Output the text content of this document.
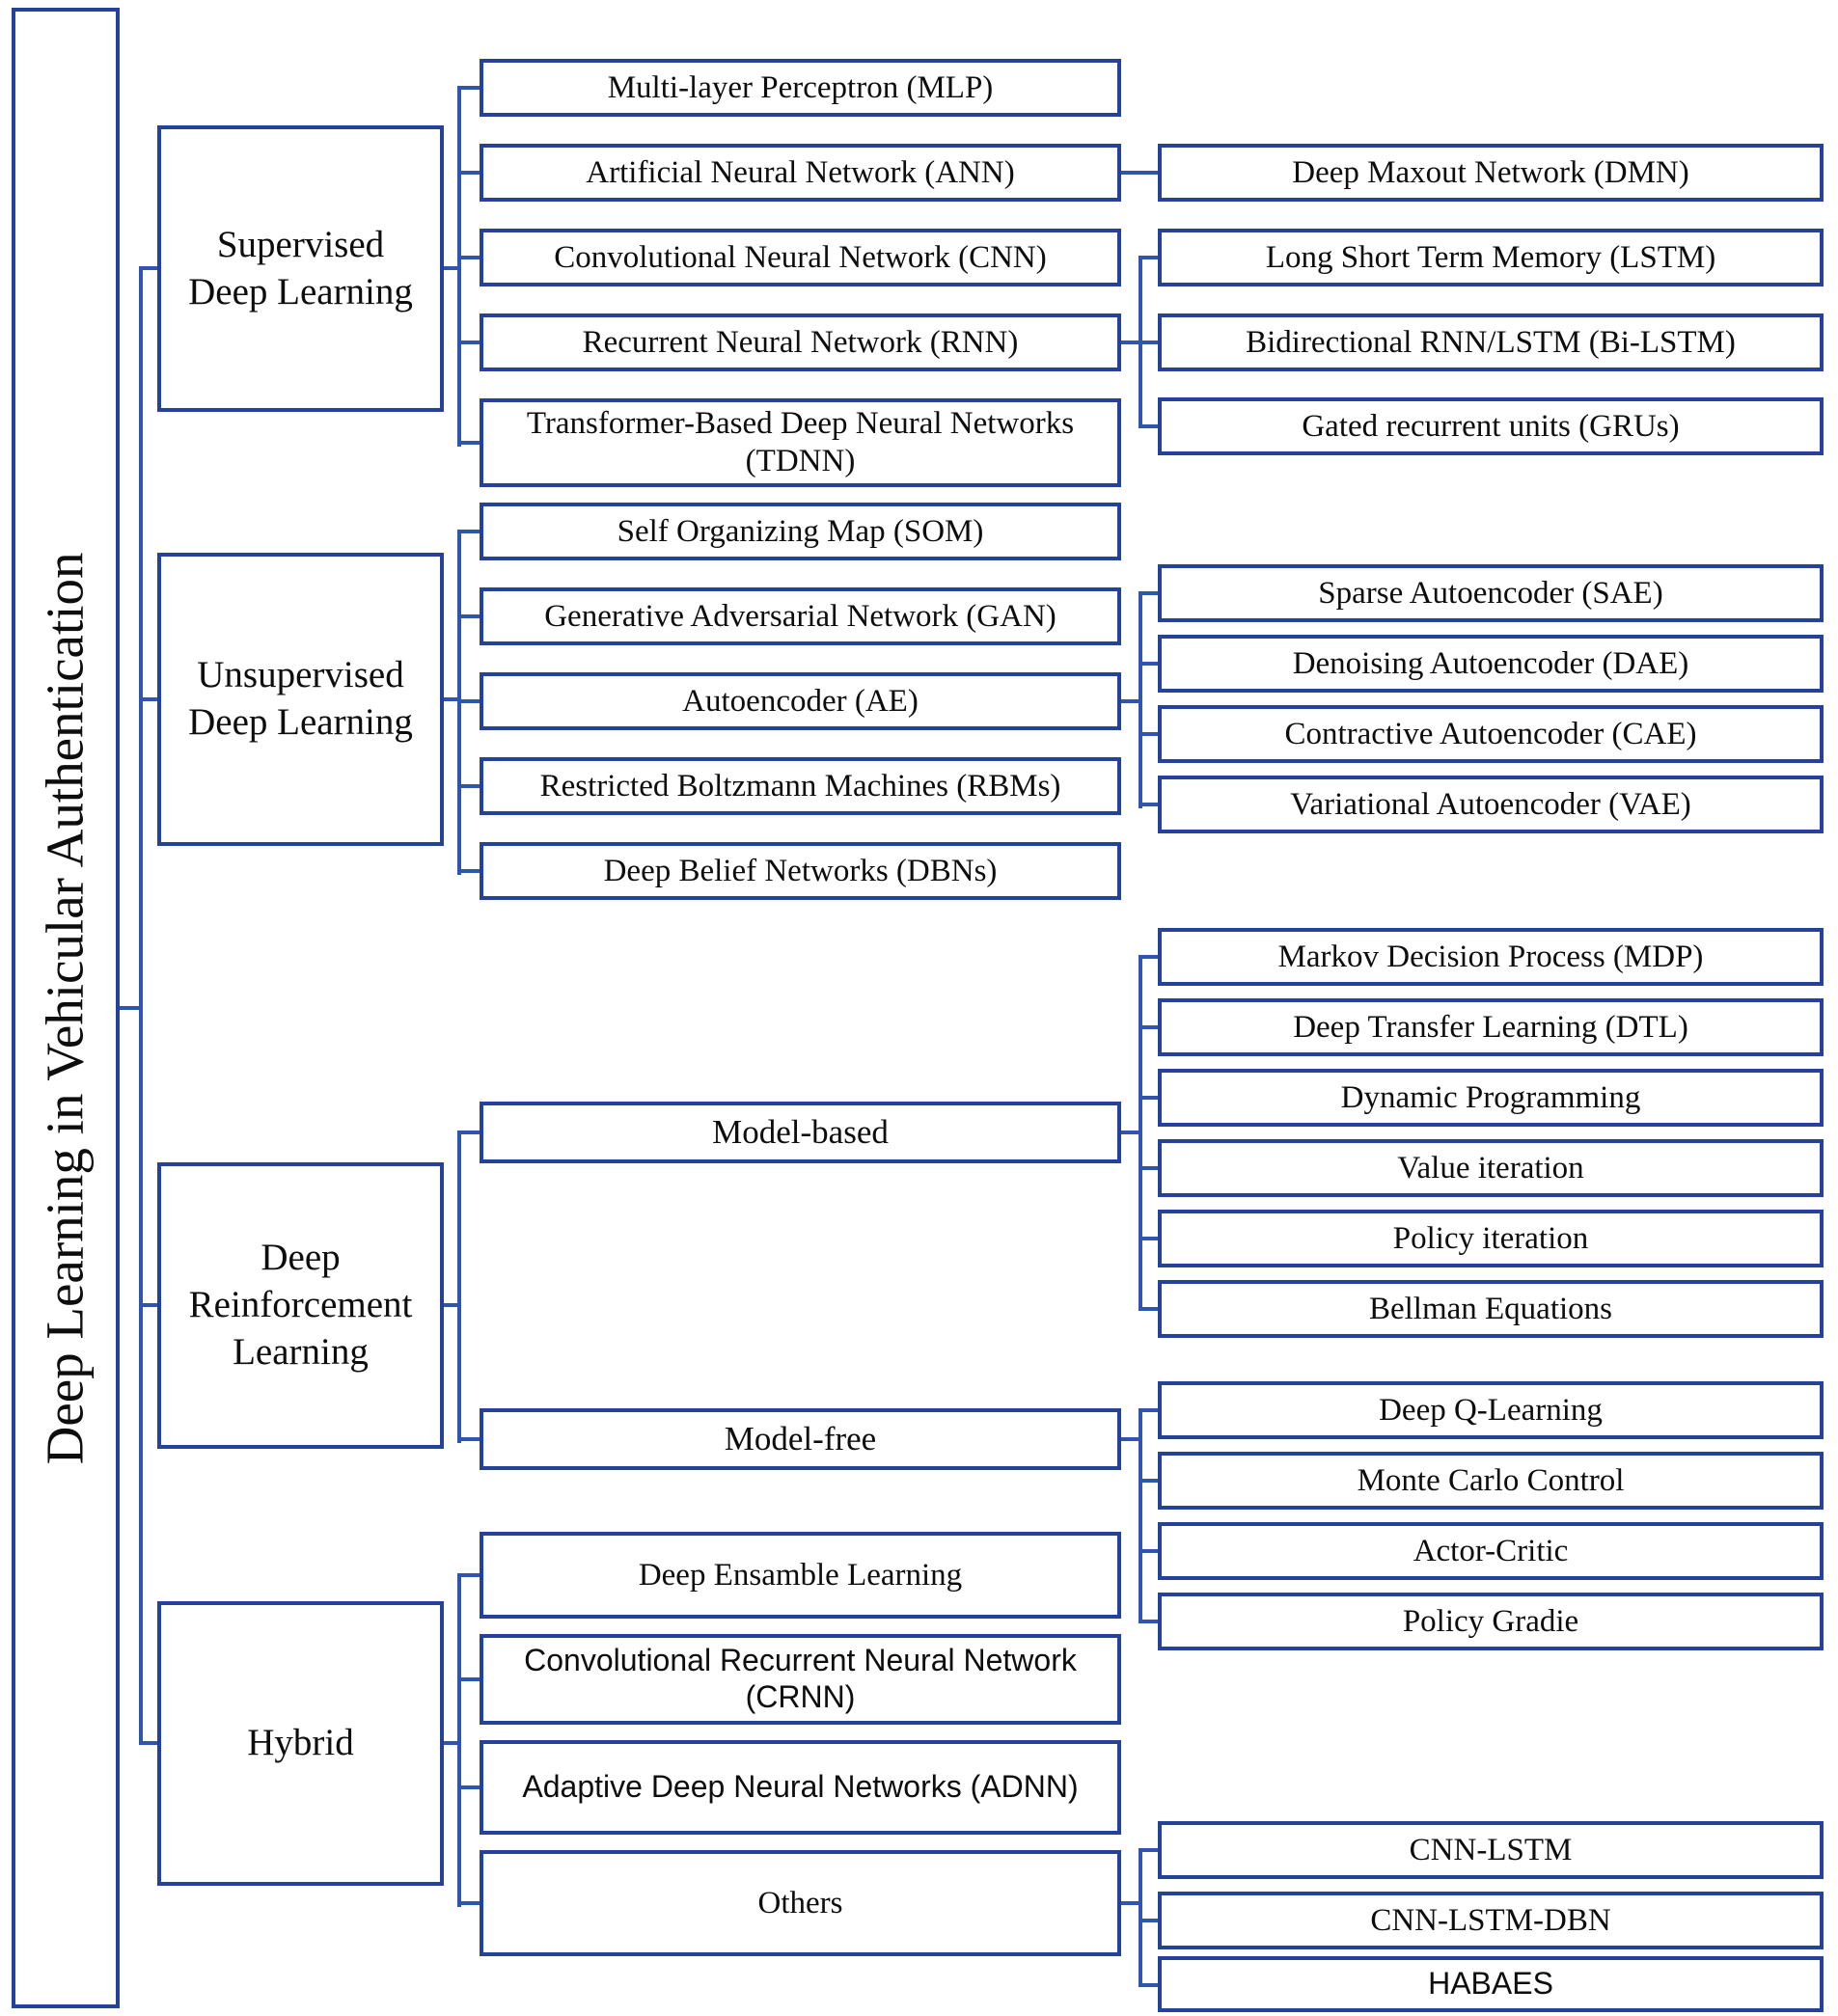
Deep Learning in Vehicular Authentication
Supervised Deep Learning
Unsupervised Deep Learning
Deep Reinforcement Learning
Hybrid
Multi-layer Perceptron (MLP)
Artificial Neural Network (ANN)
Convolutional Neural Network (CNN)
Recurrent Neural Network (RNN)
Transformer-Based Deep Neural Networks (TDNN)
Deep Maxout Network (DMN)
Long Short Term Memory (LSTM)
Bidirectional RNN/LSTM (Bi-LSTM)
Gated recurrent units (GRUs)
Self Organizing Map (SOM)
Generative Adversarial Network (GAN)
Autoencoder (AE)
Restricted Boltzmann Machines (RBMs)
Deep Belief Networks (DBNs)
Sparse Autoencoder (SAE)
Denoising Autoencoder (DAE)
Contractive Autoencoder (CAE)
Variational Autoencoder (VAE)
Model-based
Model-free
Markov Decision Process (MDP)
Deep Transfer Learning (DTL)
Dynamic Programming
Value iteration
Policy iteration
Bellman Equations
Deep Q-Learning
Monte Carlo Control
Actor-Critic
Policy Gradie
Deep Ensamble Learning
Convolutional Recurrent Neural Network (CRNN)
Adaptive Deep Neural Networks (ADNN)
Others
CNN-LSTM
CNN-LSTM-DBN
HABAES
